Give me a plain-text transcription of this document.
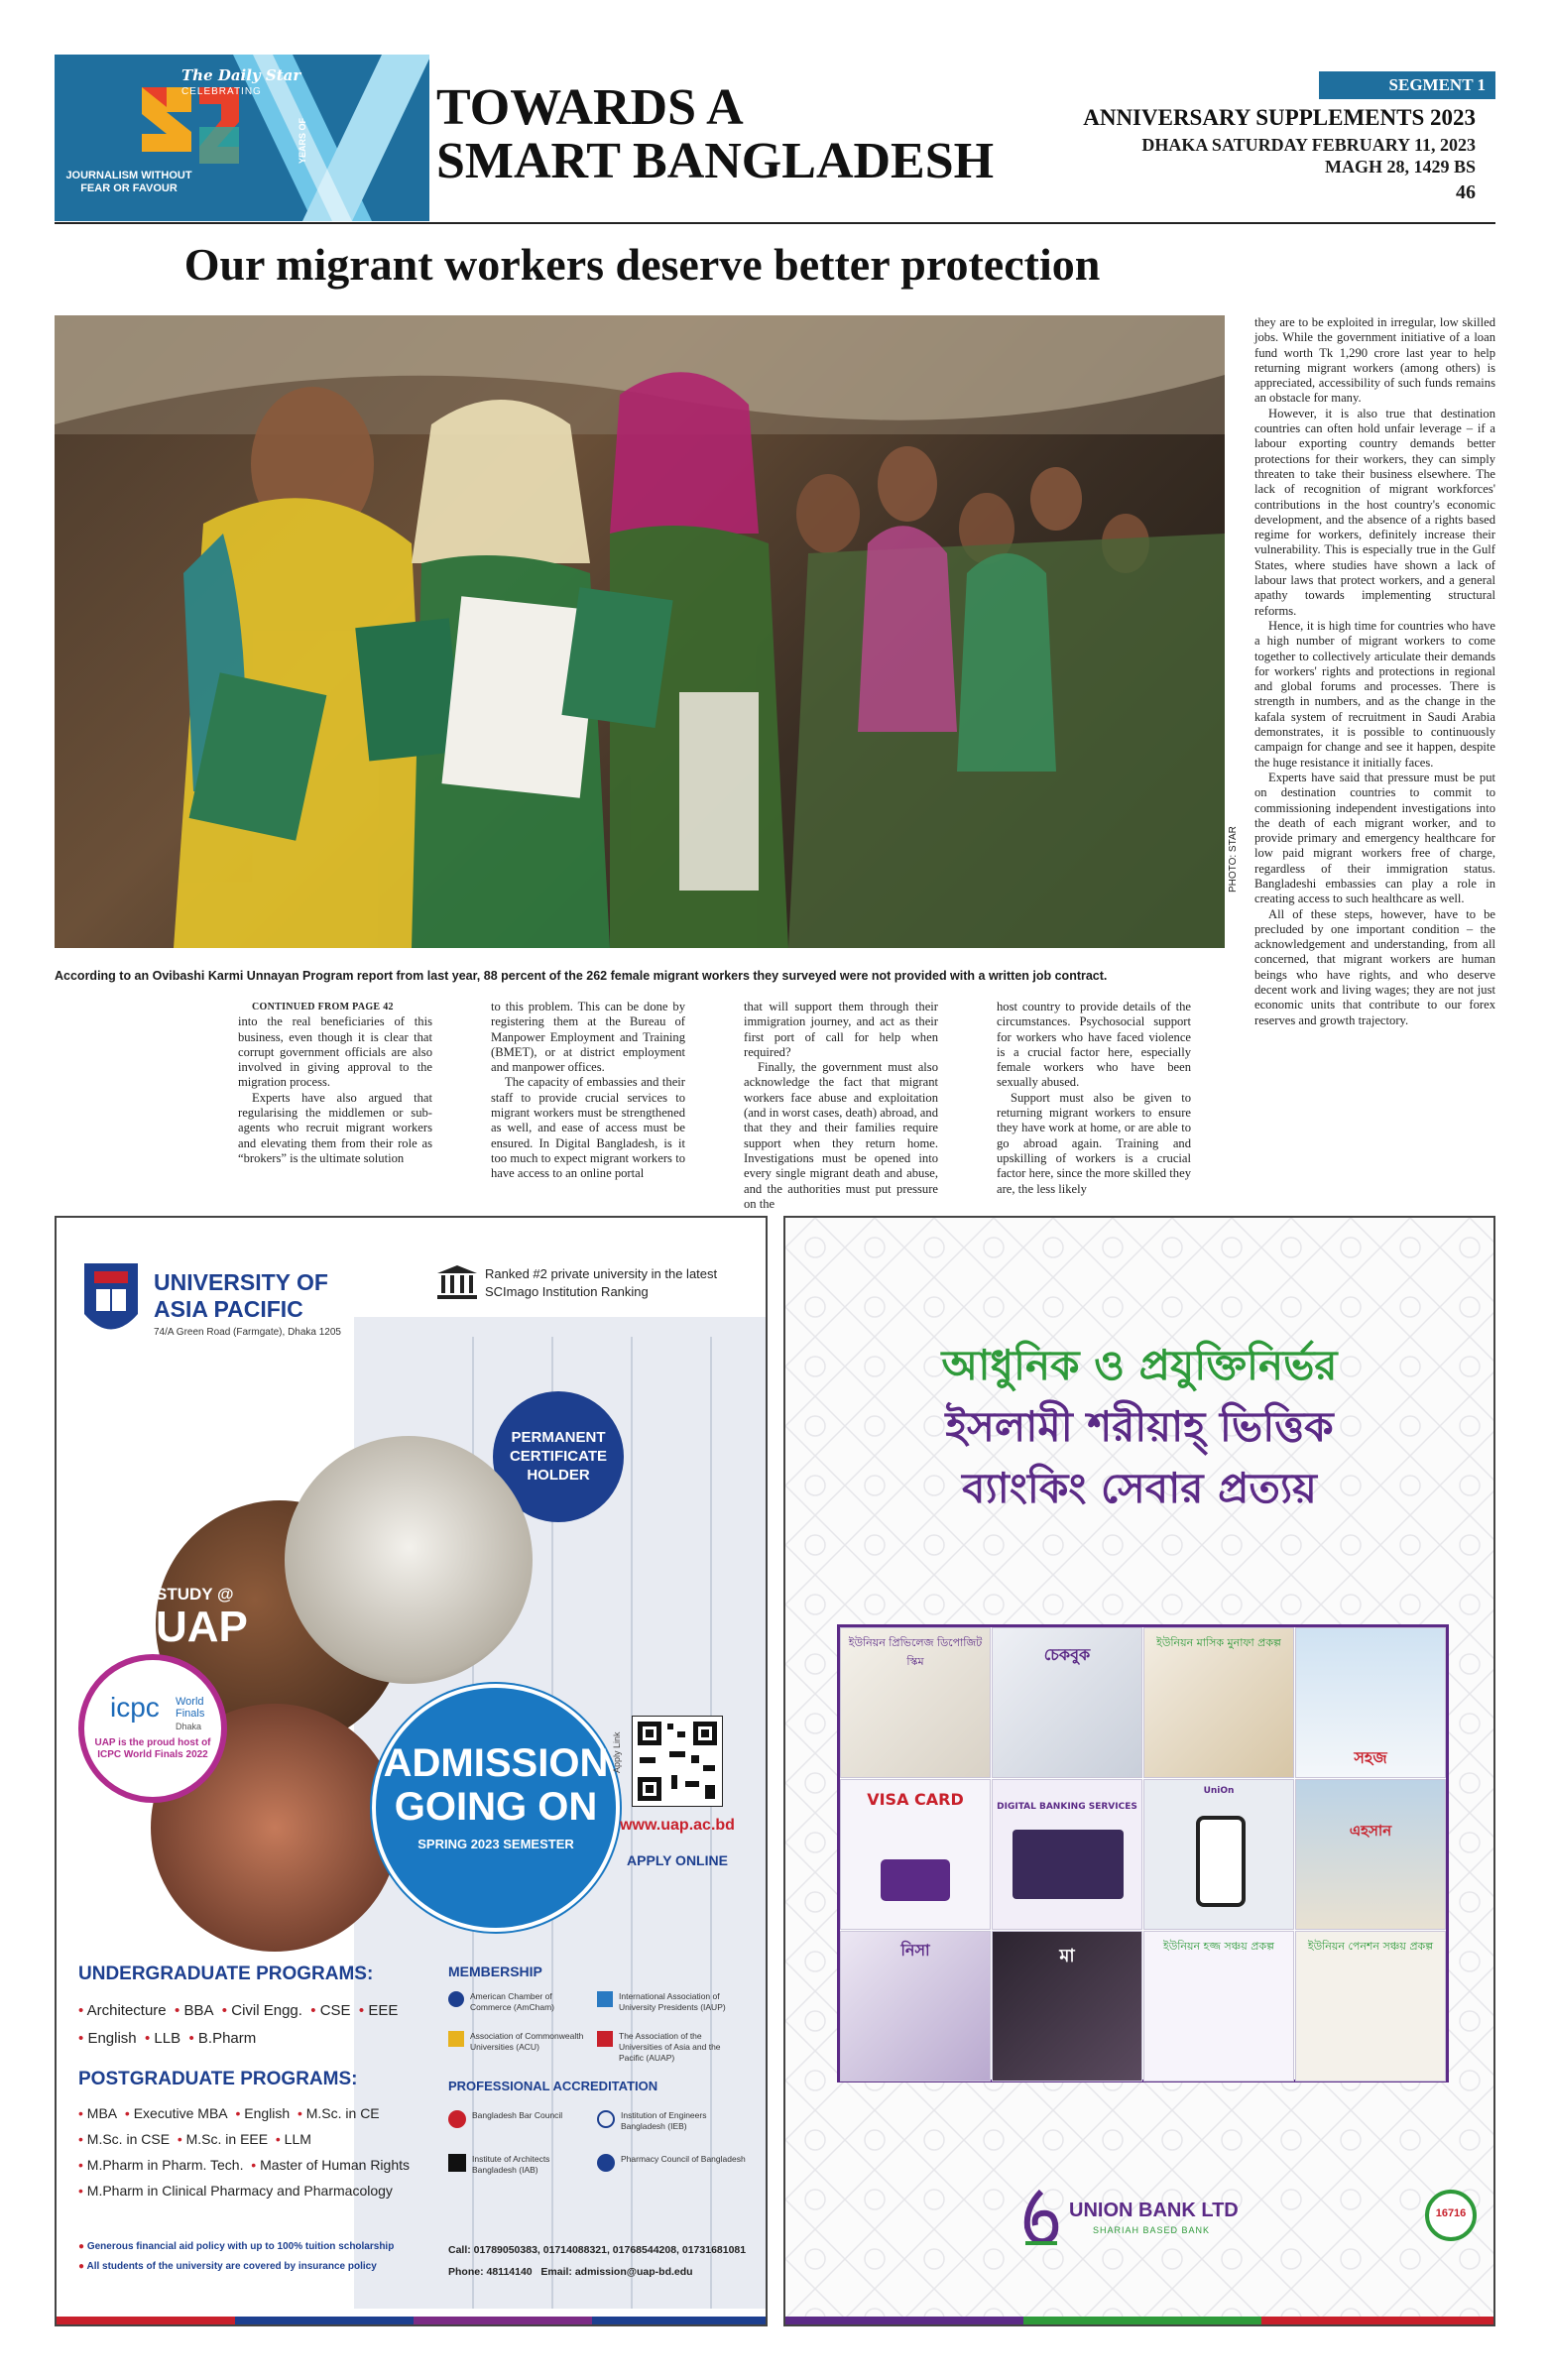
The Daily Star
CELEBRATING
YEARS OF
JOURNALISM WITHOUT FEAR OR FAVOUR
TOWARDS A
SMART BANGLADESH
SEGMENT 1
ANNIVERSARY SUPPLEMENTS 2023
DHAKA SATURDAY FEBRUARY 11, 2023
MAGH 28, 1429 BS
46
Our migrant workers deserve better protection
PHOTO: STAR
According to an Ovibashi Karmi Unnayan Program report from last year, 88 percent of the 262 female migrant workers they surveyed were not provided with a written job contract.

they are to be exploited in irregular, low skilled jobs. While the government initiative of a loan fund worth Tk 1,290 crore last year to help returning migrant workers (among others) is appreciated, accessibility of such funds remains an obstacle for many.

However, it is also true that destination countries can often hold unfair leverage – if a labour exporting country demands better protections for their workers, they can simply threaten to take their business elsewhere. The lack of recognition of migrant workforces' contributions in the host country's economic development, and the absence of a rights based regime for workers, definitely increase their vulnerability. This is especially true in the Gulf States, where studies have shown a lack of labour laws that protect workers, and a general apathy towards implementing structural reforms.

Hence, it is high time for countries who have a high number of migrant workers to come together to collectively articulate their demands for workers' rights and protections in regional and global forums and processes. There is strength in numbers, and as the change in the kafala system of recruitment in Saudi Arabia demonstrates, it is possible to continuously campaign for change and see it happen, despite the huge resistance it initially faces.

Experts have said that pressure must be put on destination countries to commit to commissioning independent investigations into the death of each migrant worker, and to provide primary and emergency healthcare for low paid migrant workers free of charge, regardless of their immigration status. Bangladeshi embassies can play a role in creating access to such healthcare as well.

All of these steps, however, have to be precluded by one important condition – the acknowledgement and understanding, from all concerned, that migrant workers are human beings who have rights, and who deserve decent work and living wages; they are not just economic units that contribute to our forex reserves and growth trajectory.

CONTINUED FROM PAGE 42

into the real beneficiaries of this business, even though it is clear that corrupt government officials are also involved in giving approval to the migration process.

Experts have also argued that regularising the middlemen or sub-agents who recruit migrant workers and elevating them from their role as “brokers” is the ultimate solution

to this problem. This can be done by registering them at the Bureau of Manpower Employment and Training (BMET), or at district employment and manpower offices.

The capacity of embassies and their staff to provide crucial services to migrant workers must be strengthened as well, and ease of access must be ensured. In Digital Bangladesh, is it too much to expect migrant workers to have access to an online portal

that will support them through their immigration journey, and act as their first port of call for help when required?

Finally, the government must also acknowledge the fact that migrant workers face abuse and exploitation (and in worst cases, death) abroad, and that they and their families require support when they return home. Investigations must be opened into every single migrant death and abuse, and the authorities must put pressure on the

host country to provide details of the circumstances. Psychosocial support for workers who have faced violence is a crucial factor here, especially female workers who have been sexually abused.

Support must also be given to returning migrant workers to ensure they have work at home, or are able to go abroad again. Training and upskilling of workers is a crucial factor here, since the more skilled they are, the less likely

UNIVERSITY OF
ASIA PACIFIC
74/A Green Road (Farmgate), Dhaka 1205
Ranked #2 private university in the latest SCImago Institution Ranking
PERMANENT CERTIFICATE HOLDER
STUDY @
UAP
icpc World Finals
Dhaka
UAP is the proud host of ICPC World Finals 2022	ADMISSION
GOING ON
SPRING 2023 SEMESTER
Apply Link
www.uap.ac.bd
APPLY ONLINE
UNDERGRADUATE PROGRAMS:
• Architecture • BBA • Civil Engg. • CSE • EEE
• English • LLB • B.Pharm
POSTGRADUATE PROGRAMS:
• MBA • Executive MBA • English • M.Sc. in CE
• M.Sc. in CSE • M.Sc. in EEE • LLM
• M.Pharm in Pharm. Tech. • Master of Human Rights
• M.Pharm in Clinical Pharmacy and Pharmacology
MEMBERSHIP
American Chamber of Commerce (AmCham)
International Association of University Presidents (IAUP)
Association of Commonwealth Universities (ACU)
The Association of the Universities of Asia and the Pacific (AUAP)
PROFESSIONAL ACCREDITATION
Bangladesh Bar Council	Institution of Engineers Bangladesh (IEB)
Institute of Architects Bangladesh (IAB)
Pharmacy Council of Bangladesh
● Generous financial aid policy with up to 100% tuition scholarship
● All students of the university are covered by insurance policy
Call: 01789050383, 01714088321, 01768544208, 01731681081
Phone: 48114140 Email: admission@uap-bd.edu
আধুনিক ও প্রযুক্তিনির্ভর
ইসলামী শরীয়াহ্ ভিত্তিক
ব্যাংকিং সেবার প্রত্যয়
ইউনিয়ন প্রিভিলেজ ডিপোজিট স্কিম	চেকবুক
ইউনিয়ন মাসিক মুনাফা প্রকল্প
সহজ
VISA CARD	DIGITAL BANKING SERVICES
UniOn
এহসান
নিসা	মা	ইউনিয়ন হজ্জ সঞ্চয় প্রকল্প	ইউনিয়ন পেনশন সঞ্চয় প্রকল্প
UNION BANK LTD
SHARIAH BASED BANK
16716
